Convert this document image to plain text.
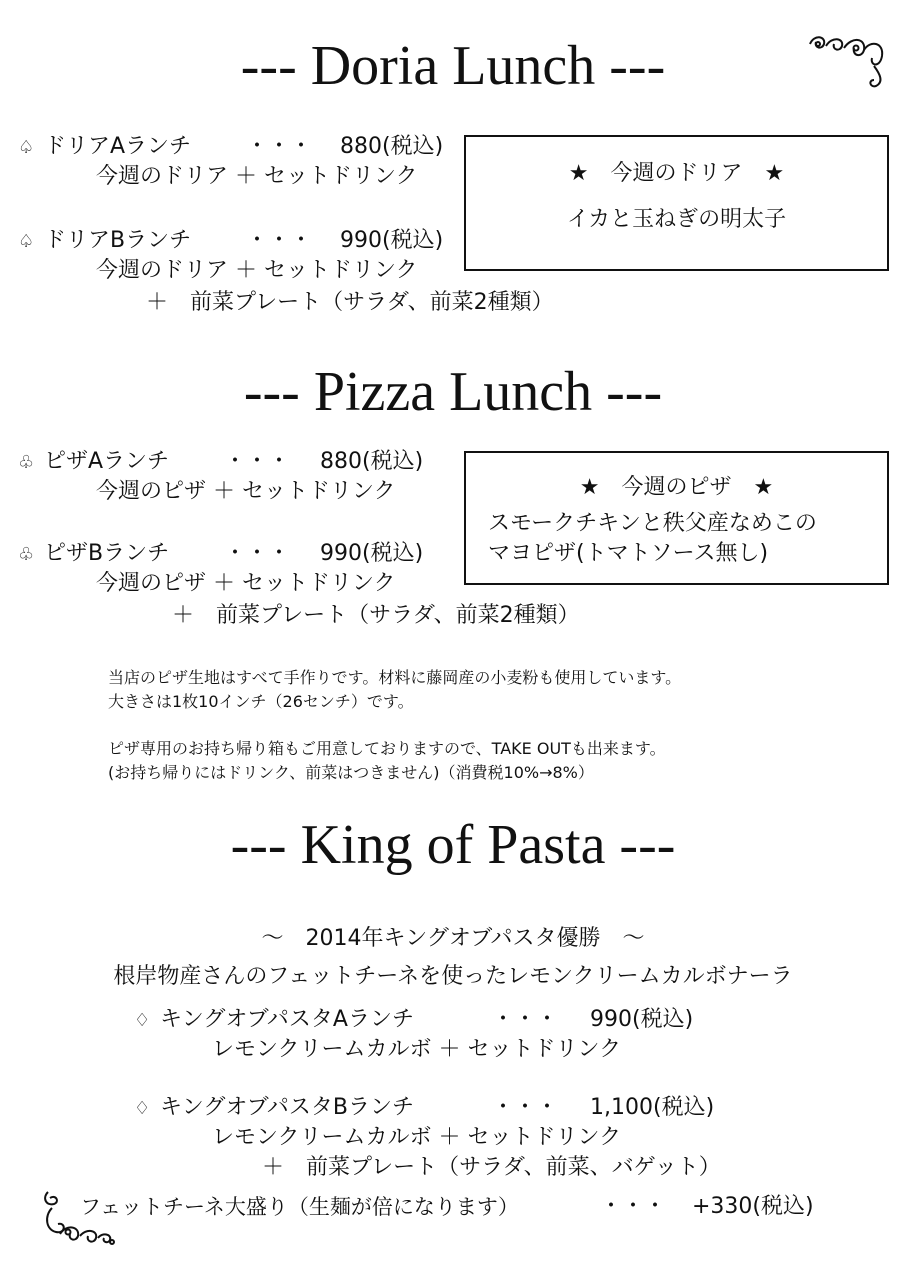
--- Doria Lunch ---
♤ ドリアAランチ ・・・ 880(税込)
今週のドリア ＋ セットドリンク
♤ ドリアBランチ ・・・ 990(税込)
今週のドリア ＋ セットドリンク
＋　前菜プレート（サラダ、前菜2種類）
★　今週のドリア　★
イカと玉ねぎの明太子
--- Pizza Lunch ---
♧ ピザAランチ ・・・ 880(税込)
今週のピザ ＋ セットドリンク
♧ ピザBランチ ・・・ 990(税込)
今週のピザ ＋ セットドリンク
＋　前菜プレート（サラダ、前菜2種類）
★　今週のピザ　★
スモークチキンと秩父産なめこの
マヨピザ(トマトソース無し)
当店のピザ生地はすべて手作りです。材料に藤岡産の小麦粉も使用しています。
大きさは1枚10インチ（26センチ）です。
ピザ専用のお持ち帰り箱もご用意しておりますので、TAKE OUTも出来ます。
(お持ち帰りにはドリンク、前菜はつきません)（消費税10%→8%）
--- King of Pasta ---
～　2014年キングオブパスタ優勝　～
根岸物産さんのフェットチーネを使ったレモンクリームカルボナーラ
♢ キングオブパスタAランチ	・・・ 990(税込)
レモンクリームカルボ ＋ セットドリンク
♢ キングオブパスタBランチ	・・・ 1,100(税込)
レモンクリームカルボ ＋ セットドリンク
＋　前菜プレート（サラダ、前菜、バゲット）
フェットチーネ大盛り（生麺が倍になります）	・・・ +330(税込)
